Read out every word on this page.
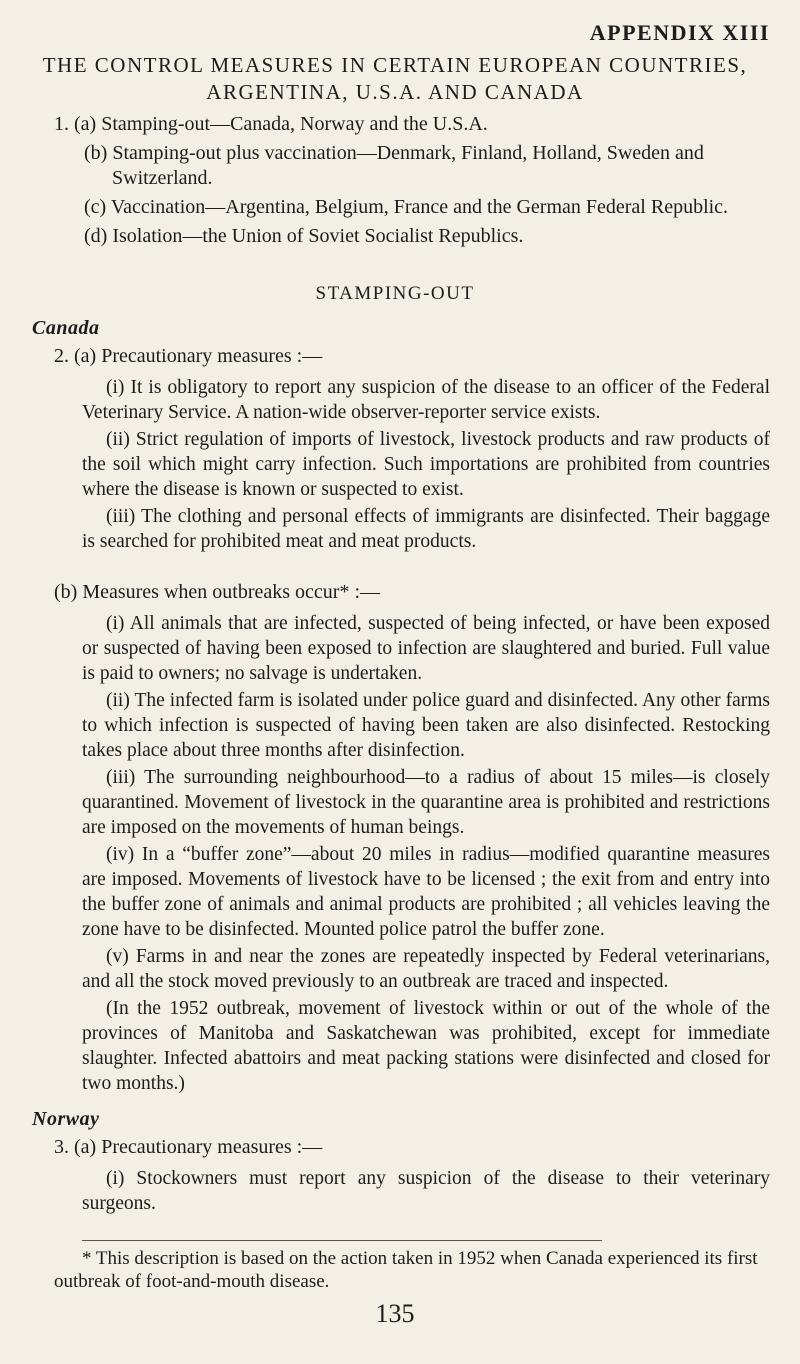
APPENDIX XIII
THE CONTROL MEASURES IN CERTAIN EUROPEAN COUNTRIES,
ARGENTINA, U.S.A. AND CANADA
1. (a) Stamping-out—Canada, Norway and the U.S.A.
(b) Stamping-out plus vaccination—Denmark, Finland, Holland, Sweden and Switzerland.
(c) Vaccination—Argentina, Belgium, France and the German Federal Republic.
(d) Isolation—the Union of Soviet Socialist Republics.
STAMPING-OUT
Canada
2. (a) Precautionary measures :—

(i) It is obligatory to report any suspicion of the disease to an officer of the Federal Veterinary Service. A nation-wide observer-reporter service exists.

(ii) Strict regulation of imports of livestock, livestock products and raw products of the soil which might carry infection. Such importations are prohibited from countries where the disease is known or suspected to exist.

(iii) The clothing and personal effects of immigrants are disinfected. Their baggage is searched for prohibited meat and meat products.

(b) Measures when outbreaks occur* :—

(i) All animals that are infected, suspected of being infected, or have been exposed or suspected of having been exposed to infection are slaughtered and buried. Full value is paid to owners; no salvage is undertaken.

(ii) The infected farm is isolated under police guard and disinfected. Any other farms to which infection is suspected of having been taken are also disinfected. Restocking takes place about three months after disinfection.

(iii) The surrounding neighbourhood—to a radius of about 15 miles—is closely quarantined. Movement of livestock in the quarantine area is prohibited and restrictions are imposed on the movements of human beings.

(iv) In a “buffer zone”—about 20 miles in radius—modified quarantine measures are imposed. Movements of livestock have to be licensed ; the exit from and entry into the buffer zone of animals and animal products are prohibited ; all vehicles leaving the zone have to be disinfected. Mounted police patrol the buffer zone.

(v) Farms in and near the zones are repeatedly inspected by Federal veterinarians, and all the stock moved previously to an outbreak are traced and inspected.

(In the 1952 outbreak, movement of livestock within or out of the whole of the provinces of Manitoba and Saskatchewan was prohibited, except for immediate slaughter. Infected abattoirs and meat packing stations were disinfected and closed for two months.)

Norway
3. (a) Precautionary measures :—

(i) Stockowners must report any suspicion of the disease to their veterinary surgeons.

* This description is based on the action taken in 1952 when Canada experienced its first outbreak of foot-and-mouth disease.

135
